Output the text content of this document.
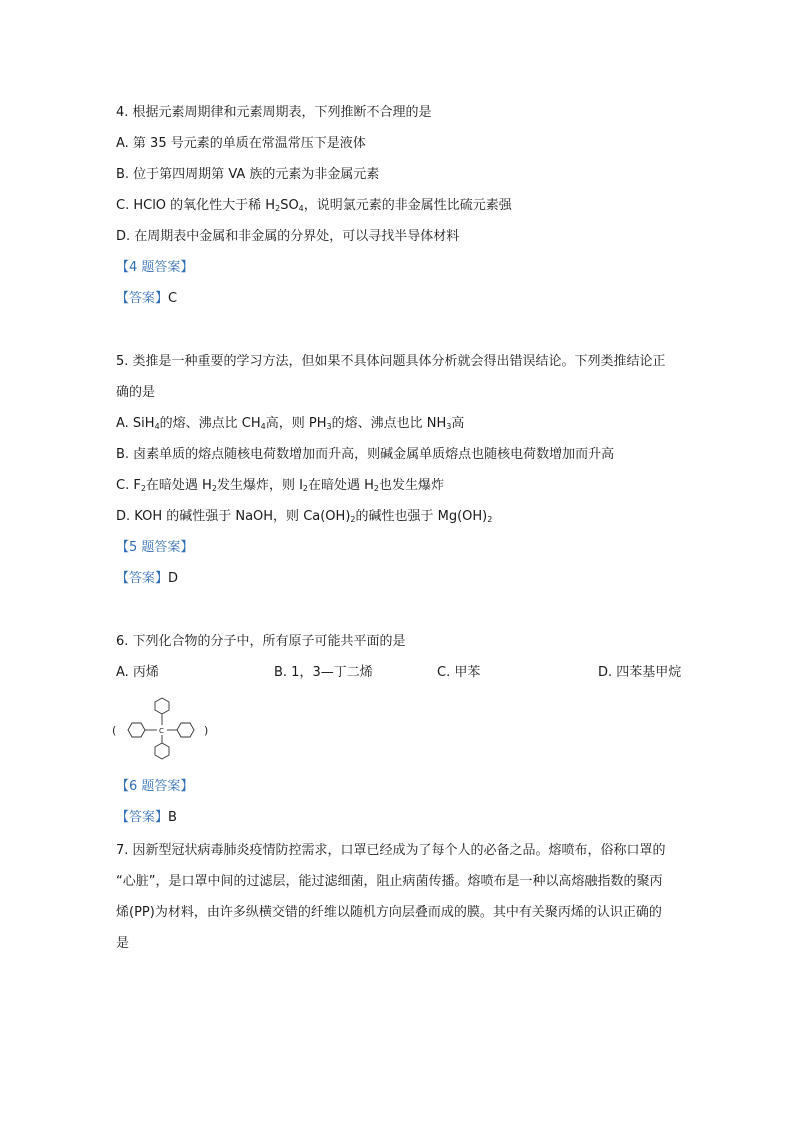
4. 根据元素周期律和元素周期表，下列推断不合理的是
A. 第 35 号元素的单质在常温常压下是液体
B. 位于第四周期第 VA 族的元素为非金属元素
C. HClO 的氧化性大于稀 $H_2SO_4$，说明氯元素的非金属性比硫元素强
D. 在周期表中金属和非金属的分界处，可以寻找半导体材料
【4 题答案】
【答案】C
5. 类推是一种重要的学习方法，但如果不具体问题具体分析就会得出错误结论。下列类推结论正
确的是
A. SiH$_4$的熔、沸点比 $CH_4$高，则 $PH_3$的熔、沸点也比 $NH_3$高
B. 卤素单质的熔点随核电荷数增加而升高，则碱金属单质熔点也随核电荷数增加而升高
C. $F_2$在暗处遇 $H_2$发生爆炸，则 $I_2$在暗处遇 $H_2$也发生爆炸
D. KOH 的碱性强于 NaOH，则 $Ca(OH)_2$的碱性也强于 $Mg(OH)_2$
【5 题答案】
【答案】D
6. 下列化合物的分子中，所有原子可能共平面的是
A. 丙烯	B. 1，3—丁二烯	C. 甲苯	D. 四苯基甲烷
(	)
C
【6 题答案】
【答案】B
7. 因新型冠状病毒肺炎疫情防控需求，口罩已经成为了每个人的必备之品。熔喷布，俗称口罩的
“心脏”，是口罩中间的过滤层，能过滤细菌，阻止病菌传播。熔喷布是一种以高熔融指数的聚丙
烯(PP)为材料，由许多纵横交错的纤维以随机方向层叠而成的膜。其中有关聚丙烯的认识正确的
是
